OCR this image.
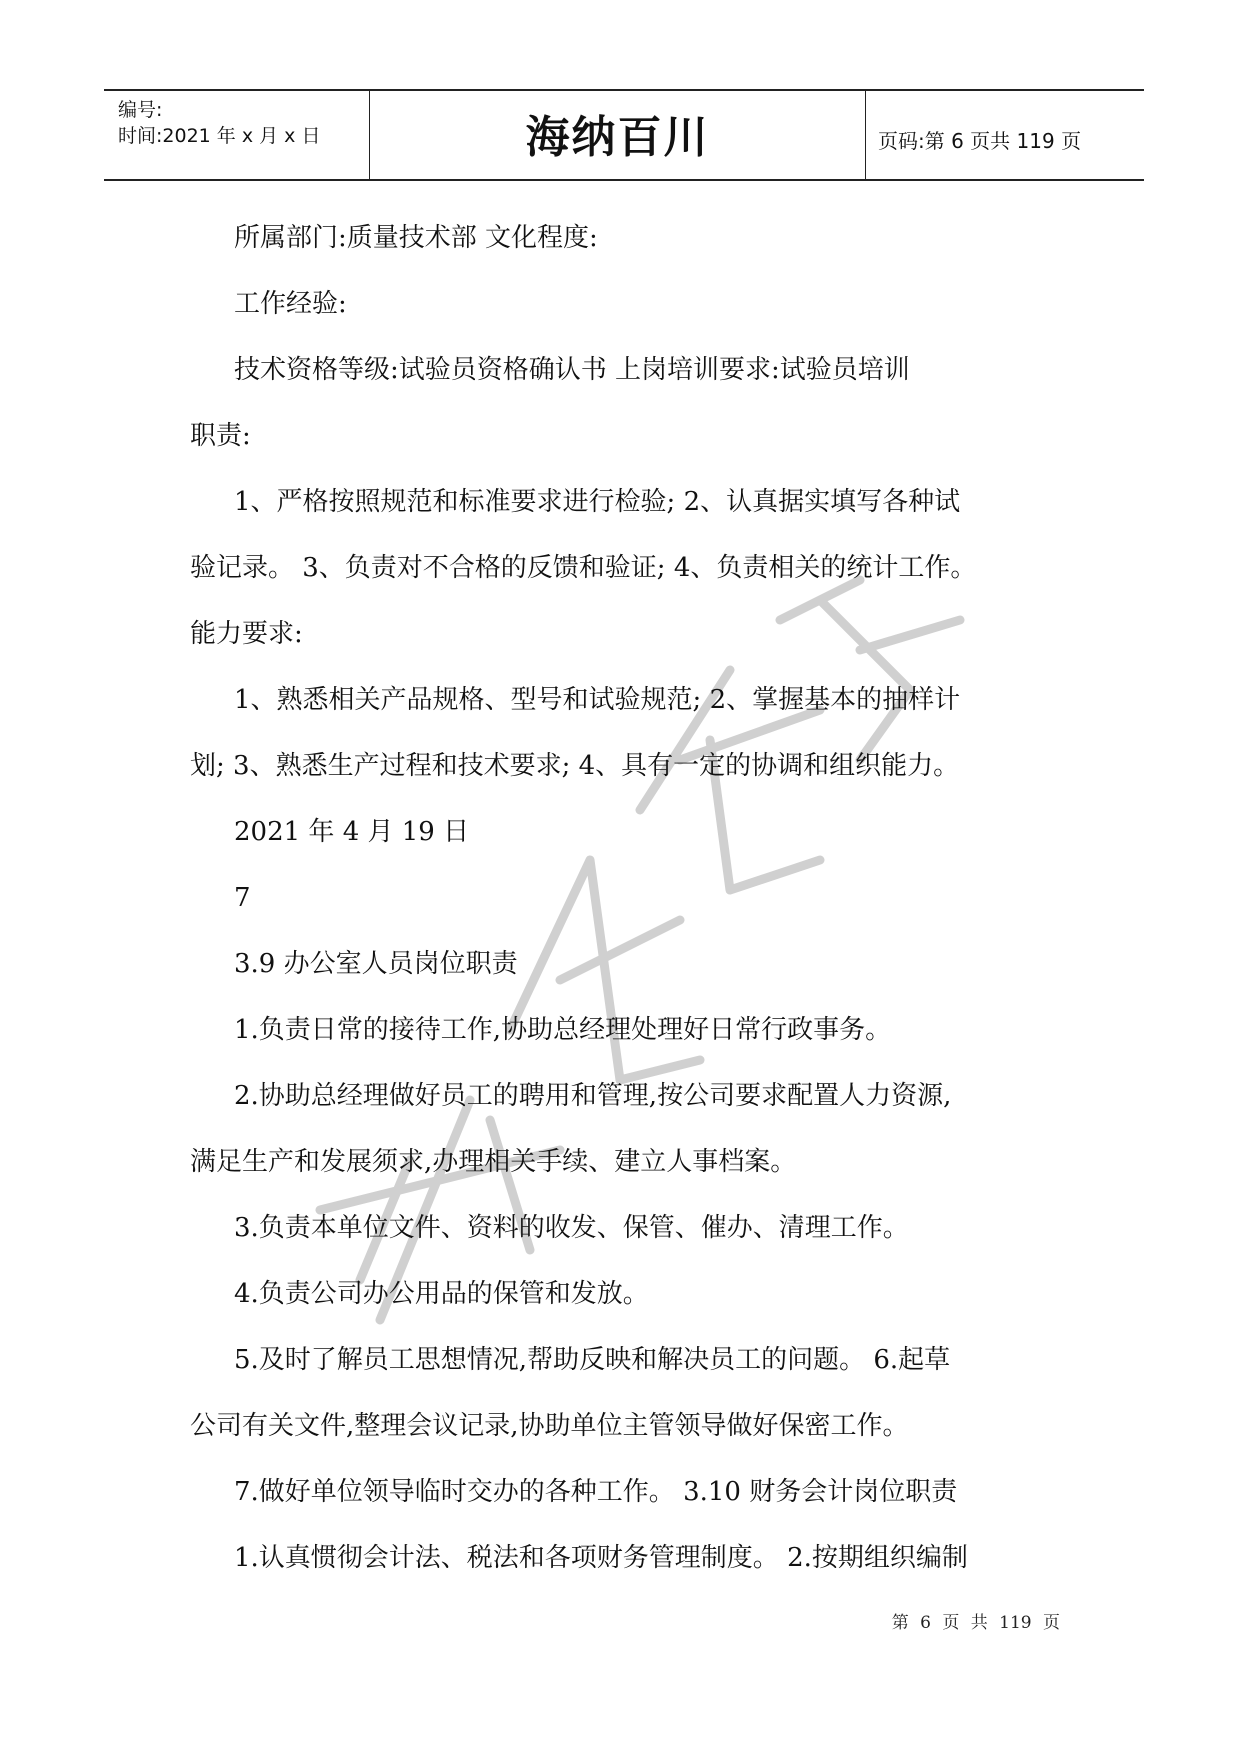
编号:
时间:2021 年 x 月 x 日	海纳百川	页码:第 6 页共 119 页

所属部门:质量技术部 文化程度:

工作经验:

技术资格等级:试验员资格确认书 上岗培训要求:试验员培训

职责:

1、严格按照规范和标准要求进行检验; 2、认真据实填写各种试

验记录。 3、负责对不合格的反馈和验证; 4、负责相关的统计工作。

能力要求:

1、熟悉相关产品规格、型号和试验规范; 2、掌握基本的抽样计

划; 3、熟悉生产过程和技术要求; 4、具有一定的协调和组织能力。

2021 年 4 月 19 日

7

3.9 办公室人员岗位职责

1.负责日常的接待工作,协助总经理处理好日常行政事务。

2.协助总经理做好员工的聘用和管理,按公司要求配置人力资源,

满足生产和发展须求,办理相关手续、建立人事档案。

3.负责本单位文件、资料的收发、保管、催办、清理工作。

4.负责公司办公用品的保管和发放。

5.及时了解员工思想情况,帮助反映和解决员工的问题。 6.起草

公司有关文件,整理会议记录,协助单位主管领导做好保密工作。

7.做好单位领导临时交办的各种工作。 3.10 财务会计岗位职责

1.认真惯彻会计法、税法和各项财务管理制度。 2.按期组织编制

第 6 页 共 119 页
